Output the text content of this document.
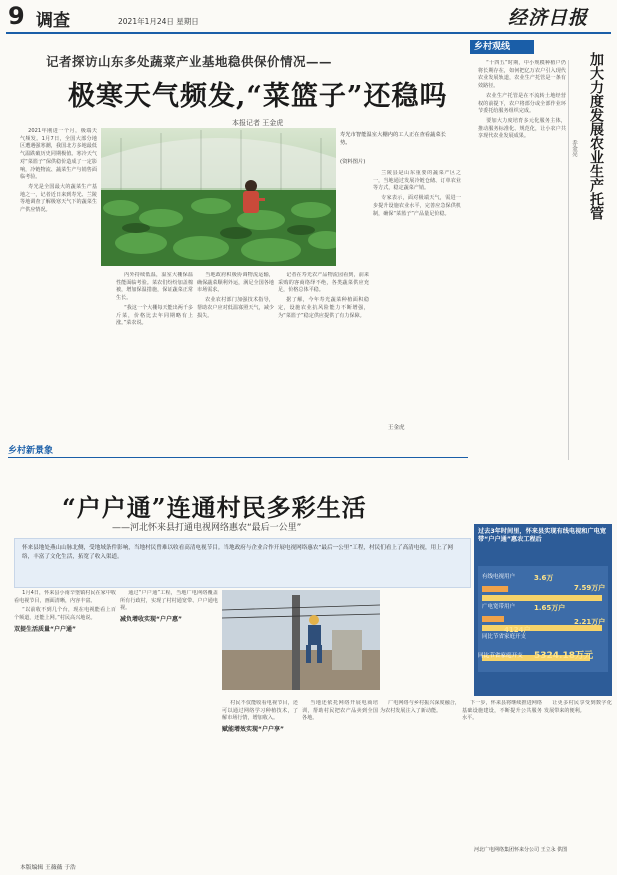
9 调查	2021年1月24日 星期日	经济日报
记者探访山东多处蔬菜产业基地稳供保价情况——
极寒天气频发,“菜篮子”还稳吗
本报记者 王金虎

2021年刚进一个月，极端天气频发。1月7日，全国大部分地区遭遇强寒潮，我国北方多地最低气温跌破历史同期极值。寒冷天气对“菜篮子”保供稳价造成了一定影响，冷链物流、蔬菜生产与销售面临考验。

寿光是全国最大的蔬菜生产基地之一，记者近日来到寿光、兰陵等地调查了解极寒天气下的蔬菜生产供应情况。

寿光市智能温室大棚内的工人正在查看蔬菜长势。
(资料图片)

内外持续低温，温室大棚保温性能面临考验。菜农们纷纷加盖棉被，增加保温措施，保证蔬菜正常生长。

“我这一个大棚每天能出两千多斤菜，价格比去年同期略有上涨。”菜农说。

当地政府积极协调物流运输，确保蔬菜顺利外运，满足全国各地市场需求。

农业农村部门加强技术指导，帮助农户应对低温寡照天气，减少损失。

记者在寿光农产品物流园看到，前来采购的客商络绎不绝，各类蔬菜供应充足，价格总体平稳。

据了解，今年寿光蔬菜种植面积稳定，设施农业抗风险能力不断增强，为“菜篮子”稳定供应提供了有力保障。

兰陵县是山东重要的蔬菜产区之一，当地通过发展冷链仓储、订单农业等方式，稳定蔬菜产销。

专家表示，面对极端天气，需进一步提升设施农业水平，完善应急保供机制，确保“菜篮子”产品量足价稳。

王金虎
乡村观线

“十四五”时期，中小规模种植户仍将长期存在，如何把亿万农户引入现代农业发展轨道，农业生产托管是一条有效路径。

农业生产托管是在不流转土地经营权的前提下，农户将部分或全部作业环节委托给服务组织完成。

要加大力度培育多元化服务主体，推动服务标准化、规范化，让小农户共享现代农业发展成果。

乔金亮 加大力度发展农业生产托管
乡村新景象
“户户通”连通村民多彩生活
——河北怀来县打通电视网络惠农“最后一公里”
怀来县地处燕山山脉北侧，受地域条件影响，当地村民曾难以收看高清电视节目。当地政府与企业合作开展电视网络惠农“最后一公里”工程，村民们看上了高清电视，用上了网络，丰富了文化生活，拓宽了收入渠道。

1月4日，怀来县小南辛堡镇村民在家中收看电视节目，画面清晰，内容丰富。

“以前收不到几个台，现在电视能看上百个频道，还能上网。”村民高兴地说。

双提生活质量“户户通”

通过“户户通”工程，当地广电网络覆盖所有行政村，实现了村村通宽带、户户通电视。

减负增收实现“户户惠”

村民不仅能收看电视节目，还可以通过网络学习种植技术，了解市场行情，增加收入。

赋能增效实现“户户享”

当地还依托网络开展电商培训，帮助村民把农产品卖到全国各地。

广电网络与乡村振兴深度融合，为农村发展注入了新动能。

下一步，怀来县将继续推进网络基础设施建设，不断提升公共服务水平。

让更多村民享受到数字化发展带来的便利。

有线电视用户
广电宽带用户
同比节省家庭开支
3.6万
7.59万户
1.65万户
4124户
2.21万户
5324.18万元
过去3年时间里，怀来县实现有线电视和广电宽带“户户通”惠农工程后
同比节省家庭开支
河北广电网络集团怀来分公司 王立永 供图
本版编辑 王薇薇 于浩
